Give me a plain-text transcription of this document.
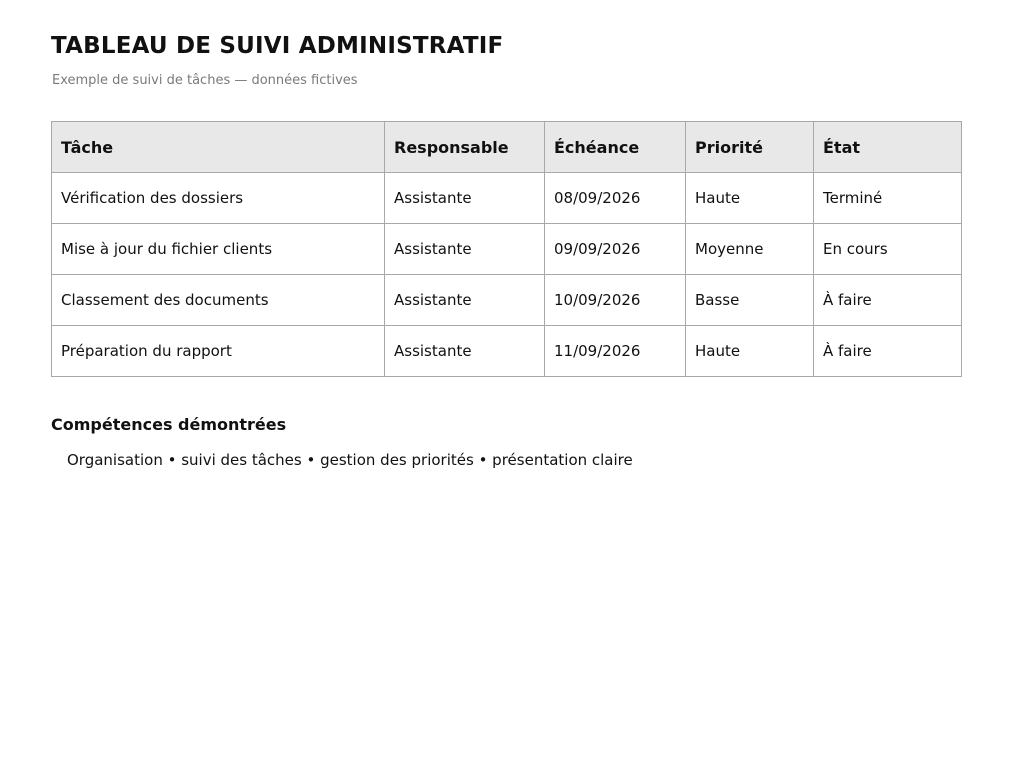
TABLEAU DE SUIVI ADMINISTRATIF

Exemple de suivi de tâches — données fictives

Tâche	Responsable	Échéance	Priorité	État
Vérification des dossiers	Assistante	08/09/2026	Haute	Terminé
Mise à jour du fichier clients	Assistante	09/09/2026	Moyenne	En cours
Classement des documents	Assistante	10/09/2026	Basse	À faire
Préparation du rapport	Assistante	11/09/2026	Haute	À faire
Compétences démontrées

Organisation • suivi des tâches • gestion des priorités • présentation claire
